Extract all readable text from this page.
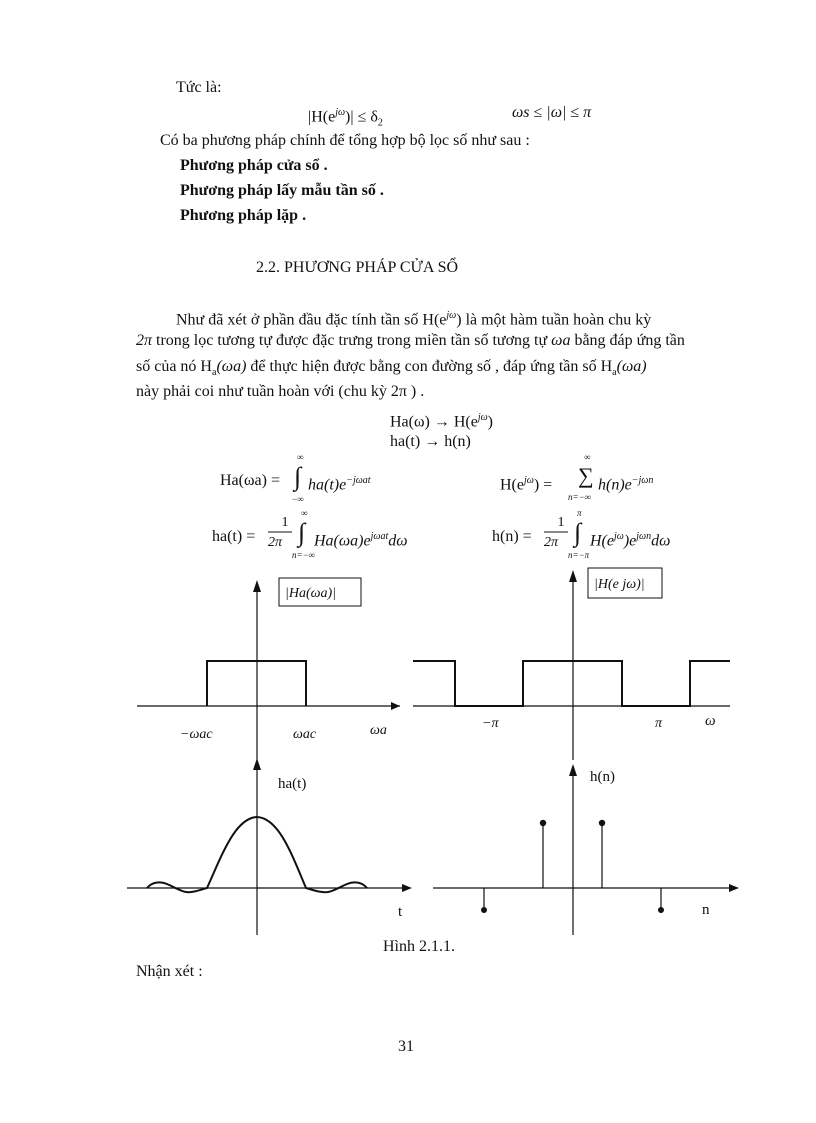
Tức là:
$|H(e^{j\omega})| \le \delta_2$
ωs ≤ |ω| ≤ π
Có ba phương pháp chính để tổng hợp bộ lọc số như sau :
Phương pháp cửa sổ .
Phương pháp lấy mẫu tần số .
Phương pháp lặp .
2.2. PHƯƠNG PHÁP CỬA SỔ
Như đã xét ở phần đầu đặc tính tần số $H(e^{j\omega})$ là một hàm tuần hoàn chu kỳ
2π trong lọc tương tự được đặc trưng trong miền tần số tương tự ωa bằng đáp ứng tần
số của nó $H_a(\omega a)$ để thực hiện được bằng con đường số , đáp ứng tần số $H_a(\omega a)$
này phải coi như tuần hoàn với (chu kỳ 2π ) .
$Ha(\omega) \to H(e^{j\omega})$
ha(t) → h(n)
Ha(ωa) = ∫
∞
−∞
$ha(t)e^{-j\omega at}$	$H(e^{j\omega})$ = ∑
∞
n=−∞
$h(n)e^{-j\omega n}$
ha(t) =
1
2π ∫
∞
n=−∞
$Ha(\omega a)e^{j\omega at}d\omega$	h(n) =
1
2π ∫
π
n=−π
$H(e^{j\omega})e^{j\omega n}d\omega$
|Ha(ωa)|
−ωac	ωac	ωa
|H(e jω)|
−π	π	ω
ha(t)
t
h(n)
n
Hình 2.1.1.
Nhận xét :
31
